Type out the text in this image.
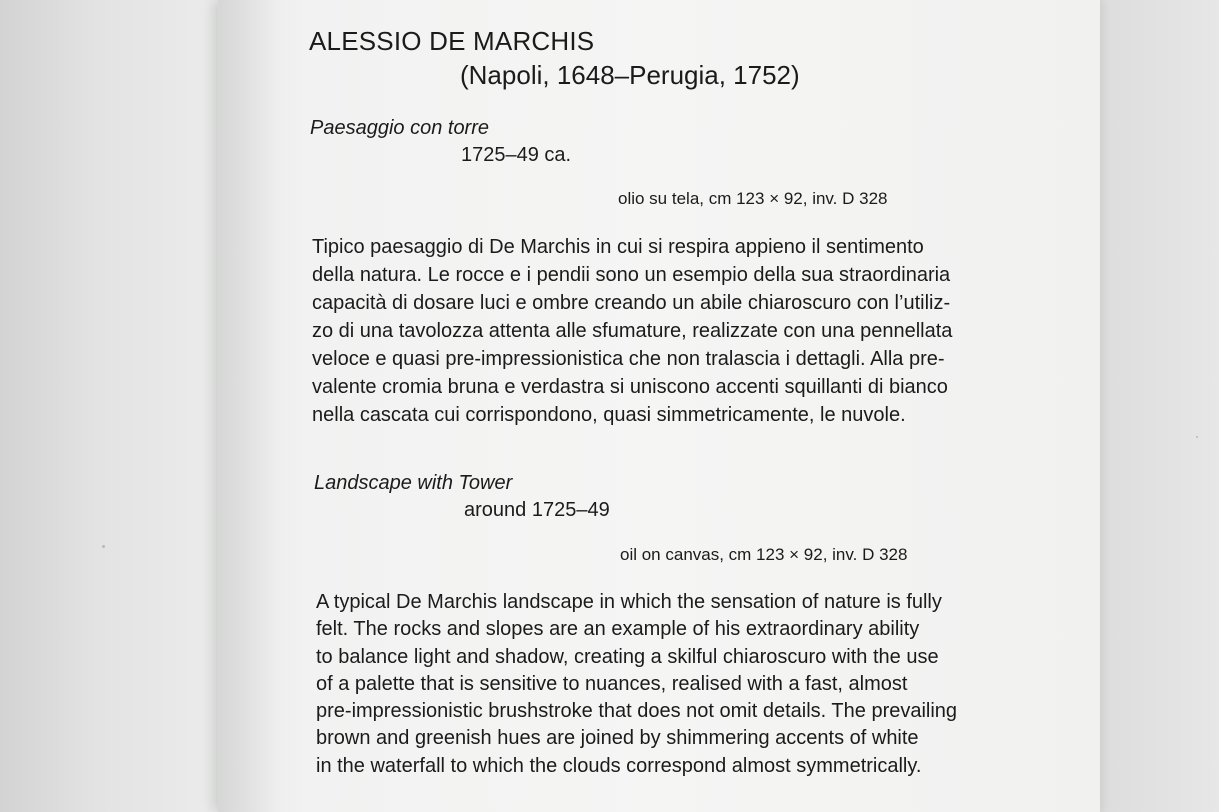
ALESSIO DE MARCHIS

(Napoli, 1648–Perugia, 1752)

Paesaggio con torre

1725–49 ca.

olio su tela, cm 123 × 92, inv. D 328

Tipico paesaggio di De Marchis in cui si respira appieno il sentimento
della natura. Le rocce e i pendii sono un esempio della sua straordinaria
capacità di dosare luci e ombre creando un abile chiaroscuro con l’utiliz-
zo di una tavolozza attenta alle sfumature, realizzate con una pennellata
veloce e quasi pre-impressionistica che non tralascia i dettagli. Alla pre-
valente cromia bruna e verdastra si uniscono accenti squillanti di bianco
nella cascata cui corrispondono, quasi simmetricamente, le nuvole.

Landscape with Tower

around 1725–49

oil on canvas, cm 123 × 92, inv. D 328

A typical De Marchis landscape in which the sensation of nature is fully
felt. The rocks and slopes are an example of his extraordinary ability
to balance light and shadow, creating a skilful chiaroscuro with the use
of a palette that is sensitive to nuances, realised with a fast, almost
pre-impressionistic brushstroke that does not omit details. The prevailing
brown and greenish hues are joined by shimmering accents of white
in the waterfall to which the clouds correspond almost symmetrically.
